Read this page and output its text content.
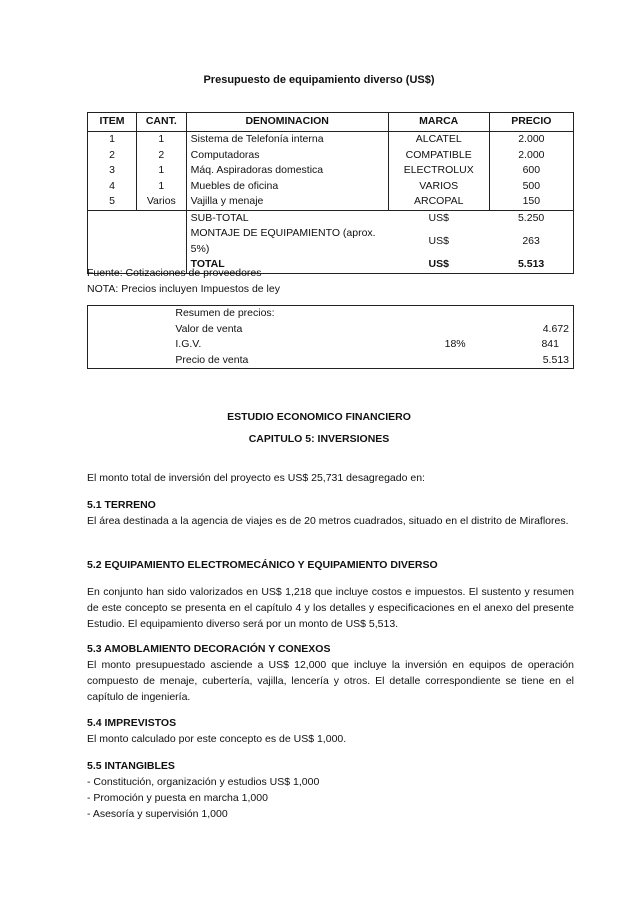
Presupuesto de equipamiento diverso (US$)
ITEM	CANT.	DENOMINACION	MARCA	PRECIO
1	1	Sistema de Telefonía interna	ALCATEL	2.000
2	2	Computadoras	COMPATIBLE	2.000
3	1	Máq. Aspiradoras domestica	ELECTROLUX	600
4	1	Muebles de oficina	VARIOS	500
5	Varios	Vajilla y menaje	ARCOPAL	150
		SUB-TOTAL	US$	5.250
		MONTAJE DE EQUIPAMIENTO (aprox. 5%)	US$	263
		TOTAL	US$	5.513
Fuente: Cotizaciones de proveedores
NOTA: Precios incluyen Impuestos de ley
	Resumen de precios:		
	Valor de venta		4.672
	I.G.V.	18%	841
	Precio de venta		5.513
ESTUDIO ECONOMICO FINANCIERO
CAPITULO 5: INVERSIONES
El monto total de inversión del proyecto es US$ 25,731 desagregado en:
5.1 TERRENO
El área destinada a la agencia de viajes es de 20 metros cuadrados, situado en el distrito de Miraflores.
5.2 EQUIPAMIENTO ELECTROMECÁNICO Y EQUIPAMIENTO DIVERSO
En conjunto han sido valorizados en US$ 1,218 que incluye costos e impuestos. El sustento y resumen de este concepto se presenta en el capítulo 4 y los detalles y especificaciones en el anexo del presente Estudio. El equipamiento diverso será por un monto de US$ 5,513.
5.3 AMOBLAMIENTO DECORACIÓN Y CONEXOS
El monto presupuestado asciende a US$ 12,000 que incluye la inversión en equipos de operación compuesto de menaje, cubertería, vajilla, lencería y otros. El detalle correspondiente se tiene en el capítulo de ingeniería.
5.4 IMPREVISTOS
El monto calculado por este concepto es de US$ 1,000.
5.5 INTANGIBLES
- Constitución, organización y estudios US$ 1,000
- Promoción y puesta en marcha 1,000
- Asesoría y supervisión 1,000
